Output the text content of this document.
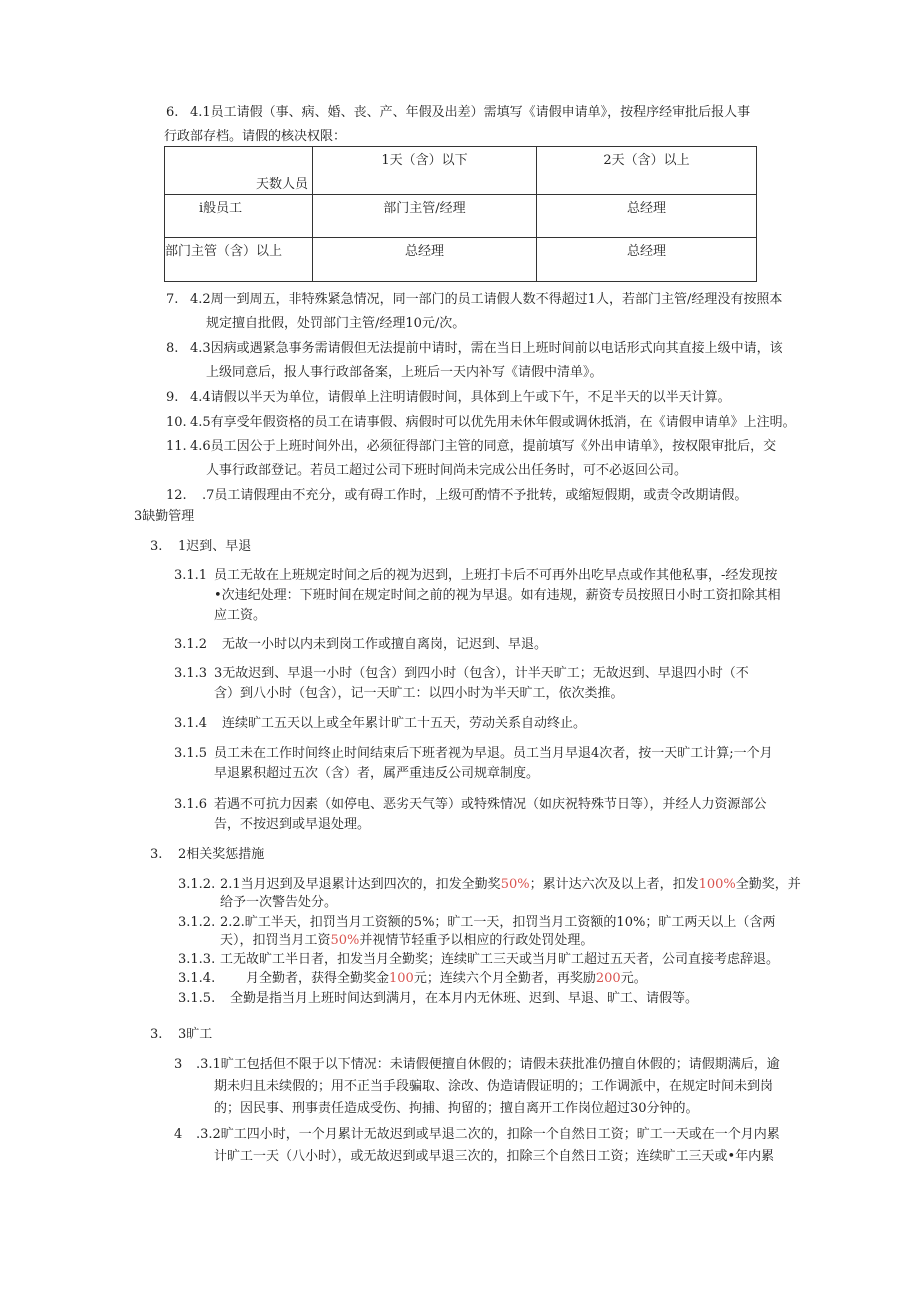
6. 4.1员工请假（事、病、婚、丧、产、年假及出差）需填写《请假申请单》，按程序经审批后报人事
行政部存档。请假的核决权限：
天数人员	1天（含）以下	2天（含）以上
i般员工	部门主管/经理	总经理
部门主管（含）以上	总经理	总经理
7. 4.2周一到周五，非特殊紧急情况，同一部门的员工请假人数不得超过1人，若部门主管/经理没有按照本
规定擅自批假，处罚部门主管/经理10元/次。
8. 4.3因病或遇紧急事务需请假但无法提前中请时，需在当日上班时间前以电话形式向其直接上级中请，该
上级同意后，报人事行政部备案，上班后一天内补写《请假中清单》。
9. 4.4请假以半天为单位，请假单上注明请假时间，具体到上午或下午，不足半天的以半天计算。
10. 4.5有享受年假资格的员工在请事假、病假时可以优先用未休年假或调休抵消，在《请假申请单》上注明。
11. 4.6员工因公于上班时间外出，必须征得部门主管的同意，提前填写《外出申请单》，按权限审批后，交
人事行政部登记。若员工超过公司下班时间尚未完成公出任务时，可不必返回公司。
12. .7员工请假理由不充分，或有碍工作时，上级可酌情不予批转，或缩短假期，或责令改期请假。
3缺勤管理
3. 1迟到、早退
3.1.1 员工无故在上班规定时间之后的视为迟到，上班打卡后不可再外出吃早点或作其他私事，-经发现按
•次违纪处理：下班时间在规定时间之前的视为早退。如有违规，薪资专员按照日小时工资扣除其相
应工资。
3.1.2 无故一小时以内未到岗工作或擅自离岗，记迟到、早退。
3.1.3 3无故迟到、早退一小时（包含）到四小时（包含），计半天旷工；无故迟到、早退四小时（不
含）到八小时（包含），记一天旷工：以四小时为半天旷工，依次类推。
3.1.4 连续旷工五天以上或全年累计旷工十五天，劳动关系自动终止。
3.1.5 员工未在工作时间终止时间结束后下班者视为早退。员工当月早退4次者，按一天旷工计算;一个月
早退累积超过五次（含）者，属严重违反公司规章制度。
3.1.6 若遇不可抗力因素（如停电、恶劣天气等）或特殊情况（如庆祝特殊节日等），并经人力资源部公
告，不按迟到或早退处理。
3. 2相关奖惩措施
3.1.2. 2.1当月迟到及早退累计达到四次的，扣发全勤奖50%；累计达六次及以上者，扣发100%全勤奖，并
给予一次警告处分。
3.1.2. 2.2.旷工半天，扣罚当月工资额的5%；旷工一天，扣罚当月工资额的10%；旷工两天以上（含两
天），扣罚当月工资50%并视情节轻重予以相应的行政处罚处理。
3.1.3. 工无故旷工半日者，扣发当月全勤奖；连续旷工三天或当月旷工超过五天者，公司直接考虑辞退。
3.1.4. 月全勤者，获得全勤奖金100元；连续六个月全勤者，再奖励200元。
3.1.5. 全勤是指当月上班时间达到满月，在本月内无休班、迟到、早退、旷工、请假等。
3. 3旷工
3 .3.1旷工包括但不限于以下情况：未请假便擅自休假的；请假未获批准仍擅自休假的；请假期满后，逾
期未归且未续假的；用不正当手段骗取、涂改、伪造请假证明的；工作调派中，在规定时间未到岗
的；因民事、刑事责任造成受伤、拘捕、拘留的；擅自离开工作岗位超过30分钟的。
4 .3.2旷工四小时，一个月累计无故迟到或早退二次的，扣除一个自然日工资；旷工一天或在一个月内累
计旷工一天（八小时），或无故迟到或早退三次的，扣除三个自然日工资；连续旷工三天或•年内累
